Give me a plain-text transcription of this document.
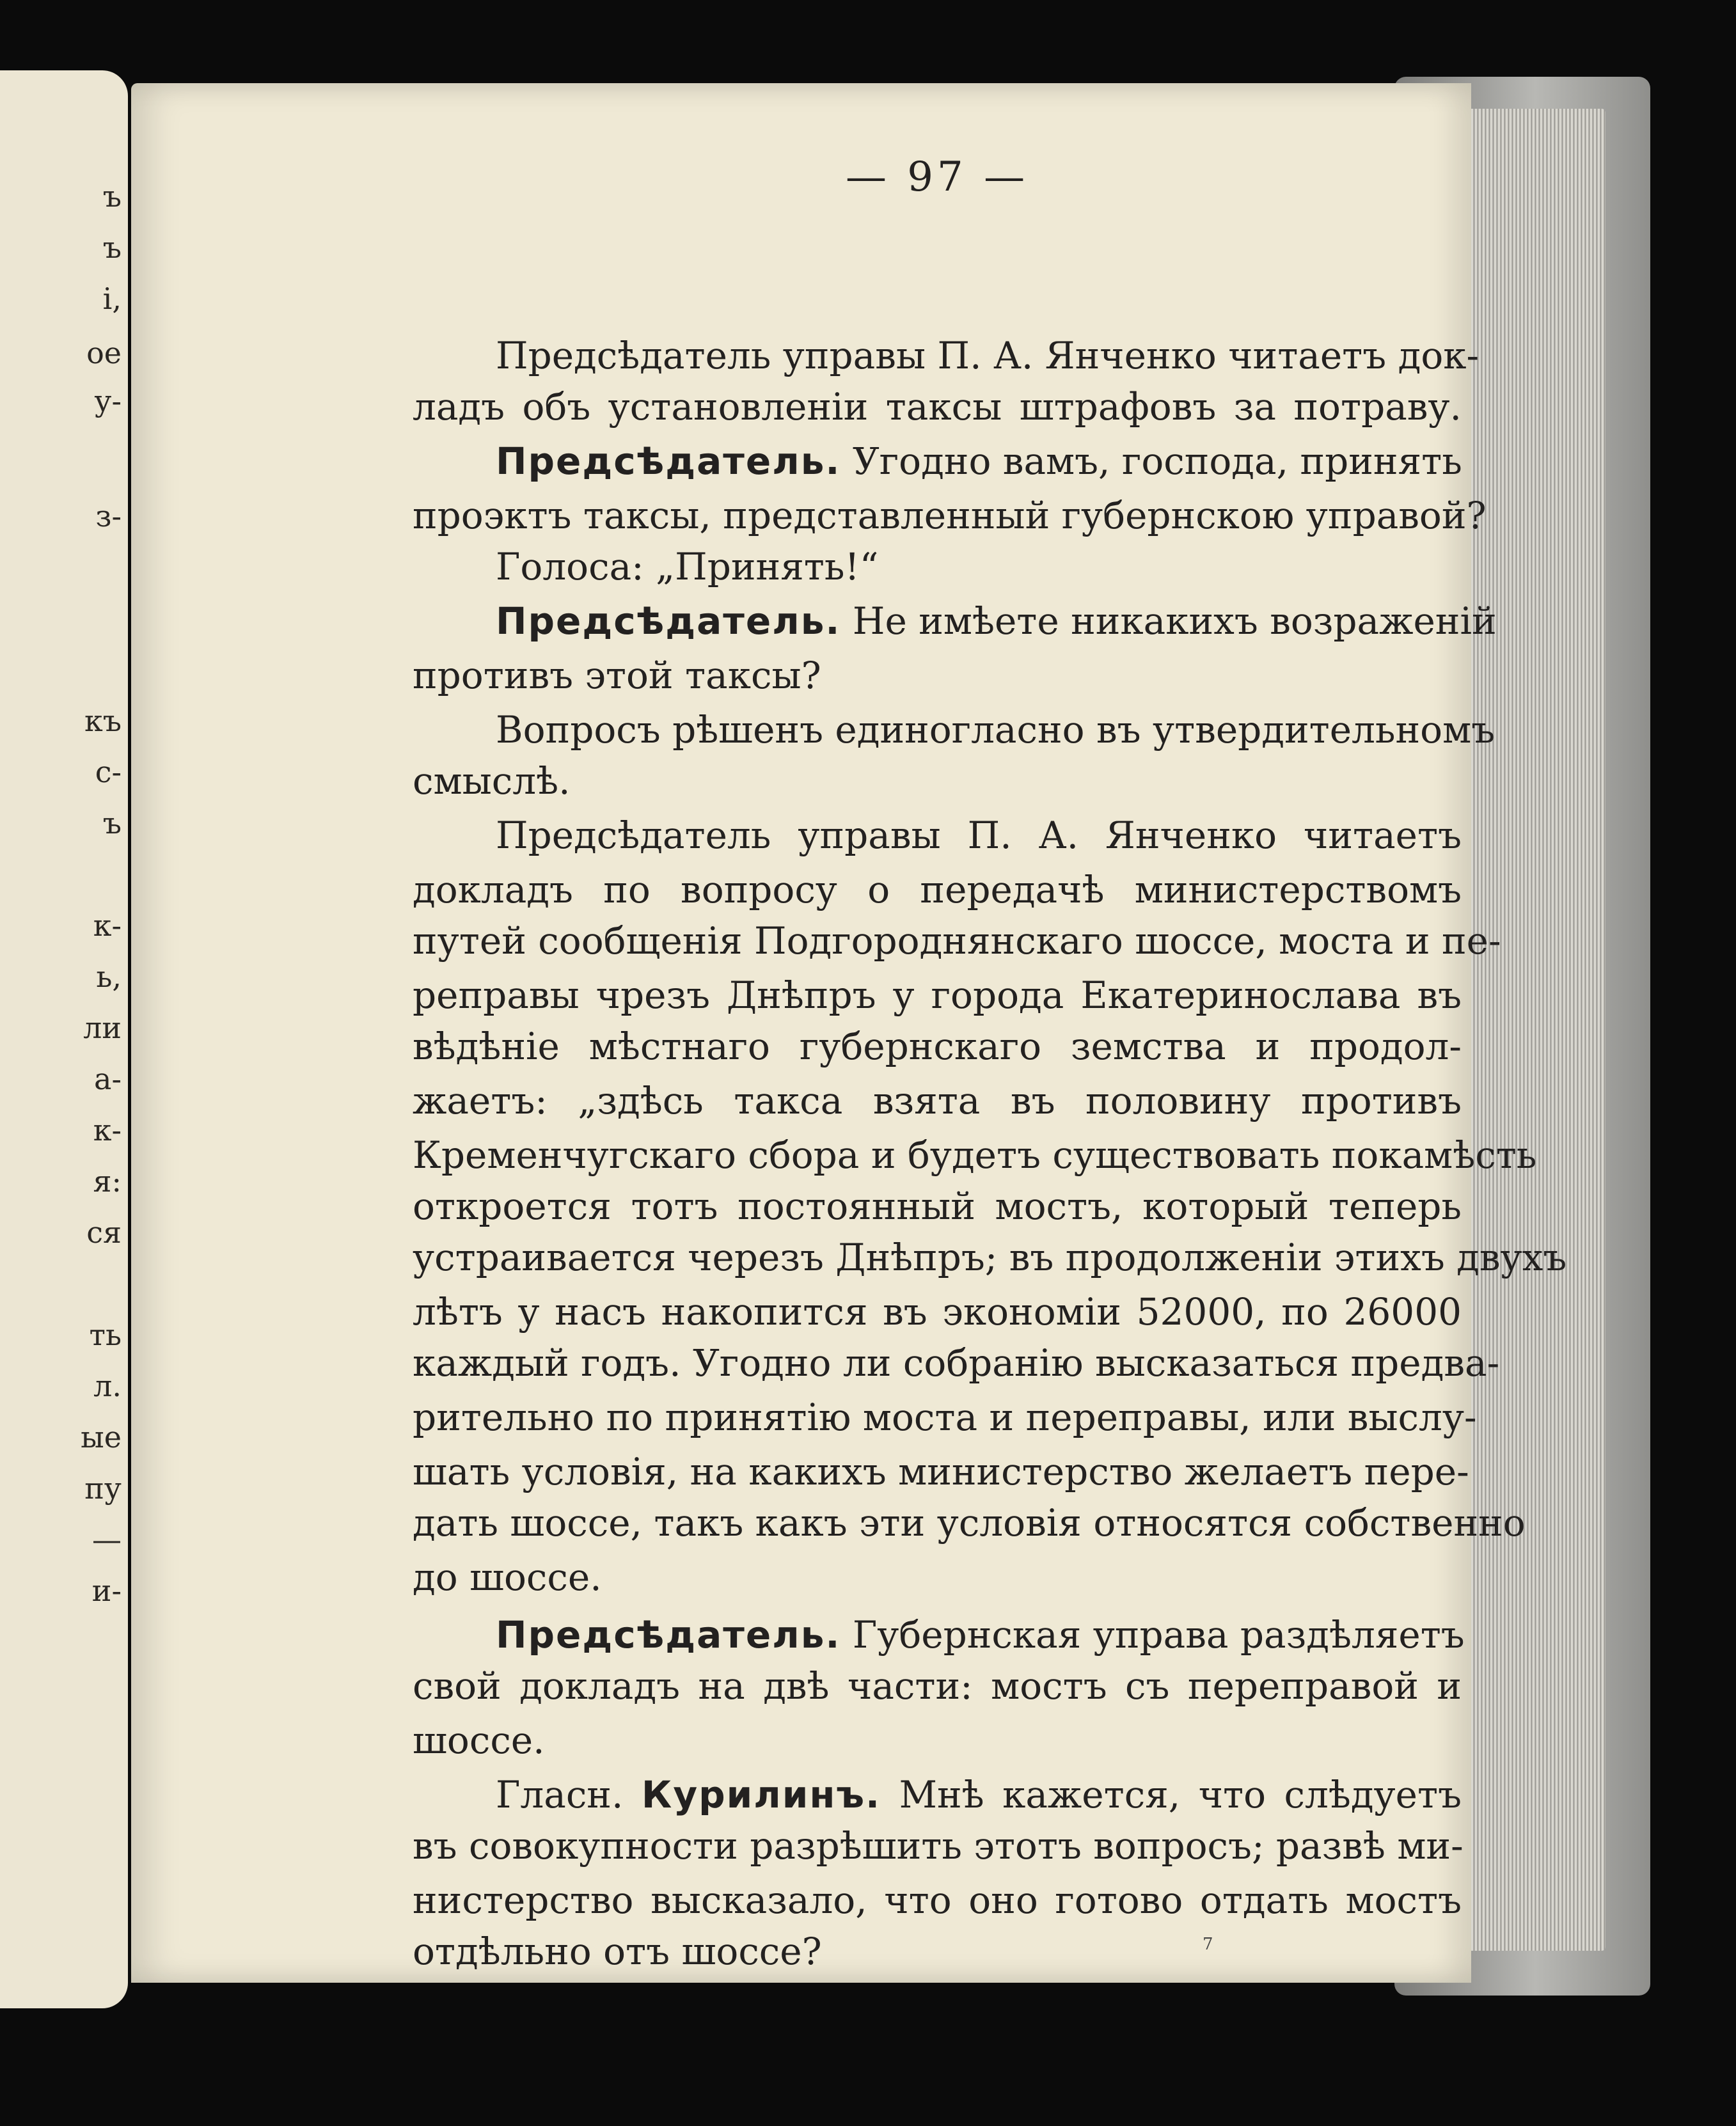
ъ
ъ
і,
ое
у-
з-
къ
с-
ъ
к-
ь,
ли
а-
к-
я:
ся
ть
л.
ые
пу
—
и-
— 97 —
Предсѣдатель управы П. А. Янченко читаетъ док-
ладъ объ установленіи таксы штрафовъ за потраву.
Предсѣдатель. Угодно вамъ, господа, принять
проэктъ таксы, представленный губернскою управой?
Голоса: „Принять!“
Предсѣдатель. Не имѣете никакихъ возраженій
противъ этой таксы?
Вопросъ рѣшенъ единогласно въ утвердительномъ
смыслѣ.
Предсѣдатель управы П. А. Янченко читаетъ
докладъ по вопросу о передачѣ министерствомъ
путей сообщенія Подгороднянскаго шоссе, моста и пе-
реправы чрезъ Днѣпръ у города Екатеринослава въ
вѣдѣніе мѣстнаго губернскаго земства и продол-
жаетъ: „здѣсь такса взята въ половину противъ
Кременчугскаго сбора и будетъ существовать покамѣсть
откроется тотъ постоянный мостъ, который теперь
устраивается черезъ Днѣпръ; въ продолженіи этихъ двухъ
лѣтъ у насъ накопится въ экономіи 52000, по 26000
каждый годъ. Угодно ли собранію высказаться предва-
рительно по принятію моста и переправы, или выслу-
шать условія, на какихъ министерство желаетъ пере-
дать шоссе, такъ какъ эти условія относятся собственно
до шоссе.
Предсѣдатель. Губернская управа раздѣляетъ
свой докладъ на двѣ части: мостъ съ переправой и
шоссе.
Гласн. Курилинъ. Мнѣ кажется, что слѣдуетъ
въ совокупности разрѣшить этотъ вопросъ; развѣ ми-
нистерство высказало, что оно готово отдать мостъ
отдѣльно отъ шоссе?	7
